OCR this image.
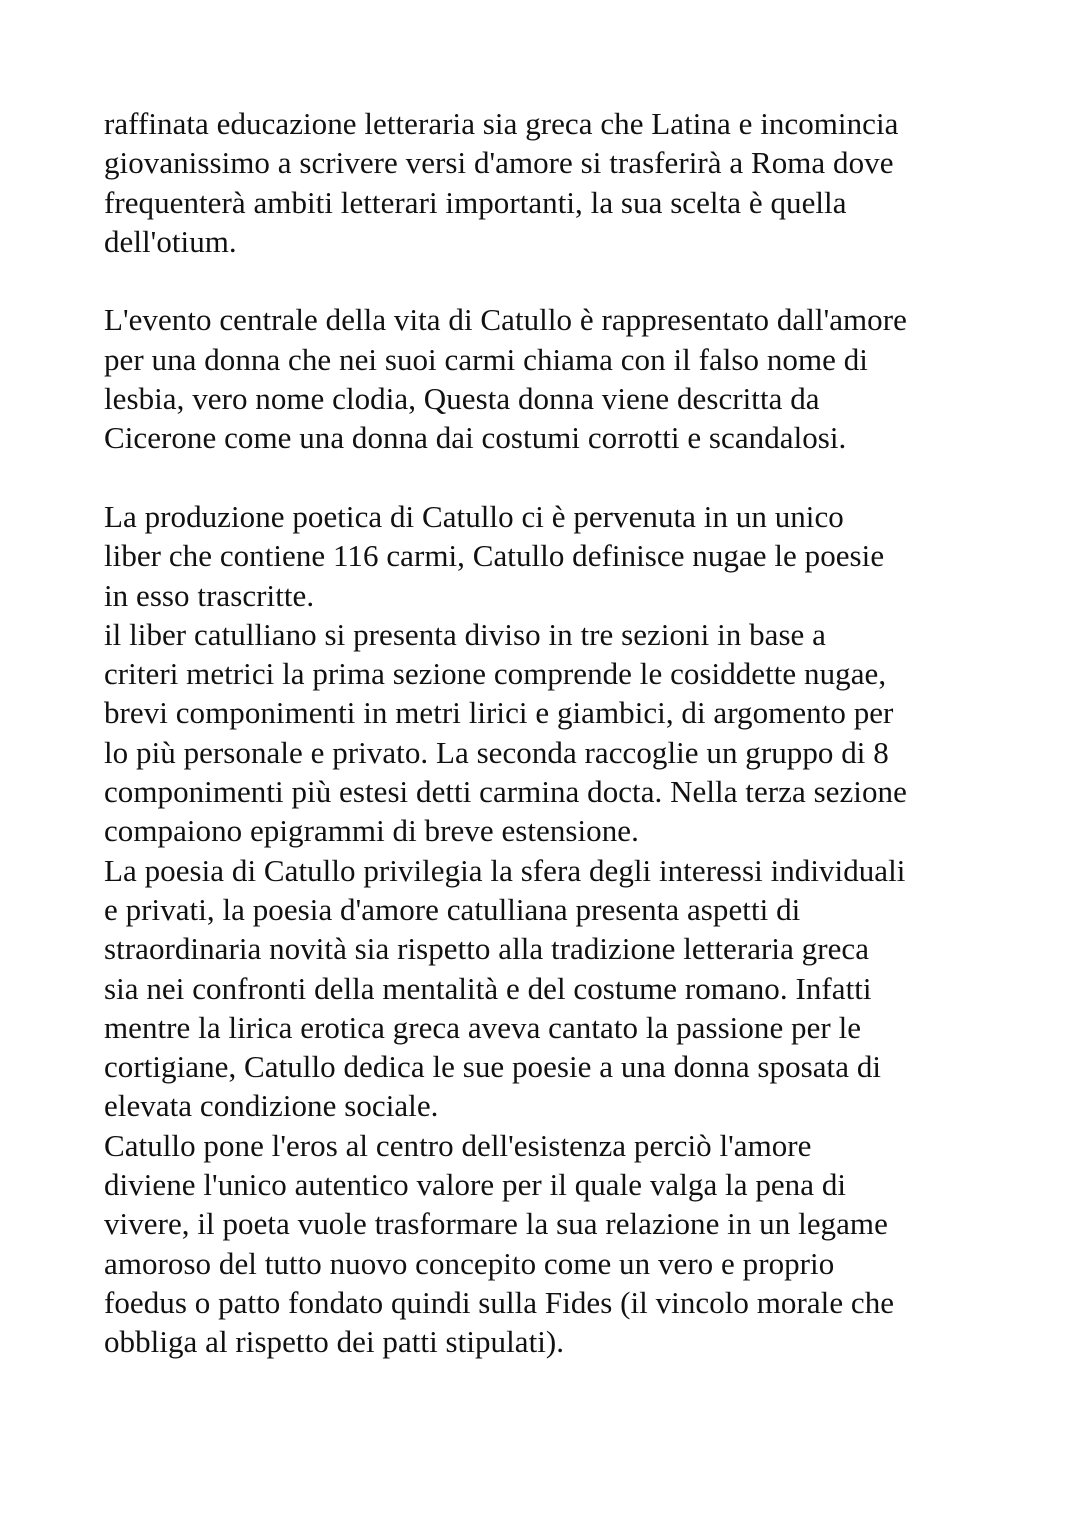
raffinata educazione letteraria sia greca che Latina e incomincia
giovanissimo a scrivere versi d'amore si trasferirà a Roma dove
frequenterà ambiti letterari importanti, la sua scelta è quella
dell'otium.
L'evento centrale della vita di Catullo è rappresentato dall'amore
per una donna che nei suoi carmi chiama con il falso nome di
lesbia, vero nome clodia, Questa donna viene descritta da
Cicerone come una donna dai costumi corrotti e scandalosi.
La produzione poetica di Catullo ci è pervenuta in un unico
liber che contiene 116 carmi, Catullo definisce nugae le poesie
in esso trascritte.
il liber catulliano si presenta diviso in tre sezioni in base a
criteri metrici la prima sezione comprende le cosiddette nugae,
brevi componimenti in metri lirici e giambici, di argomento per
lo più personale e privato. La seconda raccoglie un gruppo di 8
componimenti più estesi detti carmina docta. Nella terza sezione
compaiono epigrammi di breve estensione.
La poesia di Catullo privilegia la sfera degli interessi individuali
e privati, la poesia d'amore catulliana presenta aspetti di
straordinaria novità sia rispetto alla tradizione letteraria greca
sia nei confronti della mentalità e del costume romano. Infatti
mentre la lirica erotica greca aveva cantato la passione per le
cortigiane, Catullo dedica le sue poesie a una donna sposata di
elevata condizione sociale.
Catullo pone l'eros al centro dell'esistenza perciò l'amore
diviene l'unico autentico valore per il quale valga la pena di
vivere, il poeta vuole trasformare la sua relazione in un legame
amoroso del tutto nuovo concepito come un vero e proprio
foedus o patto fondato quindi sulla Fides (il vincolo morale che
obbliga al rispetto dei patti stipulati).
